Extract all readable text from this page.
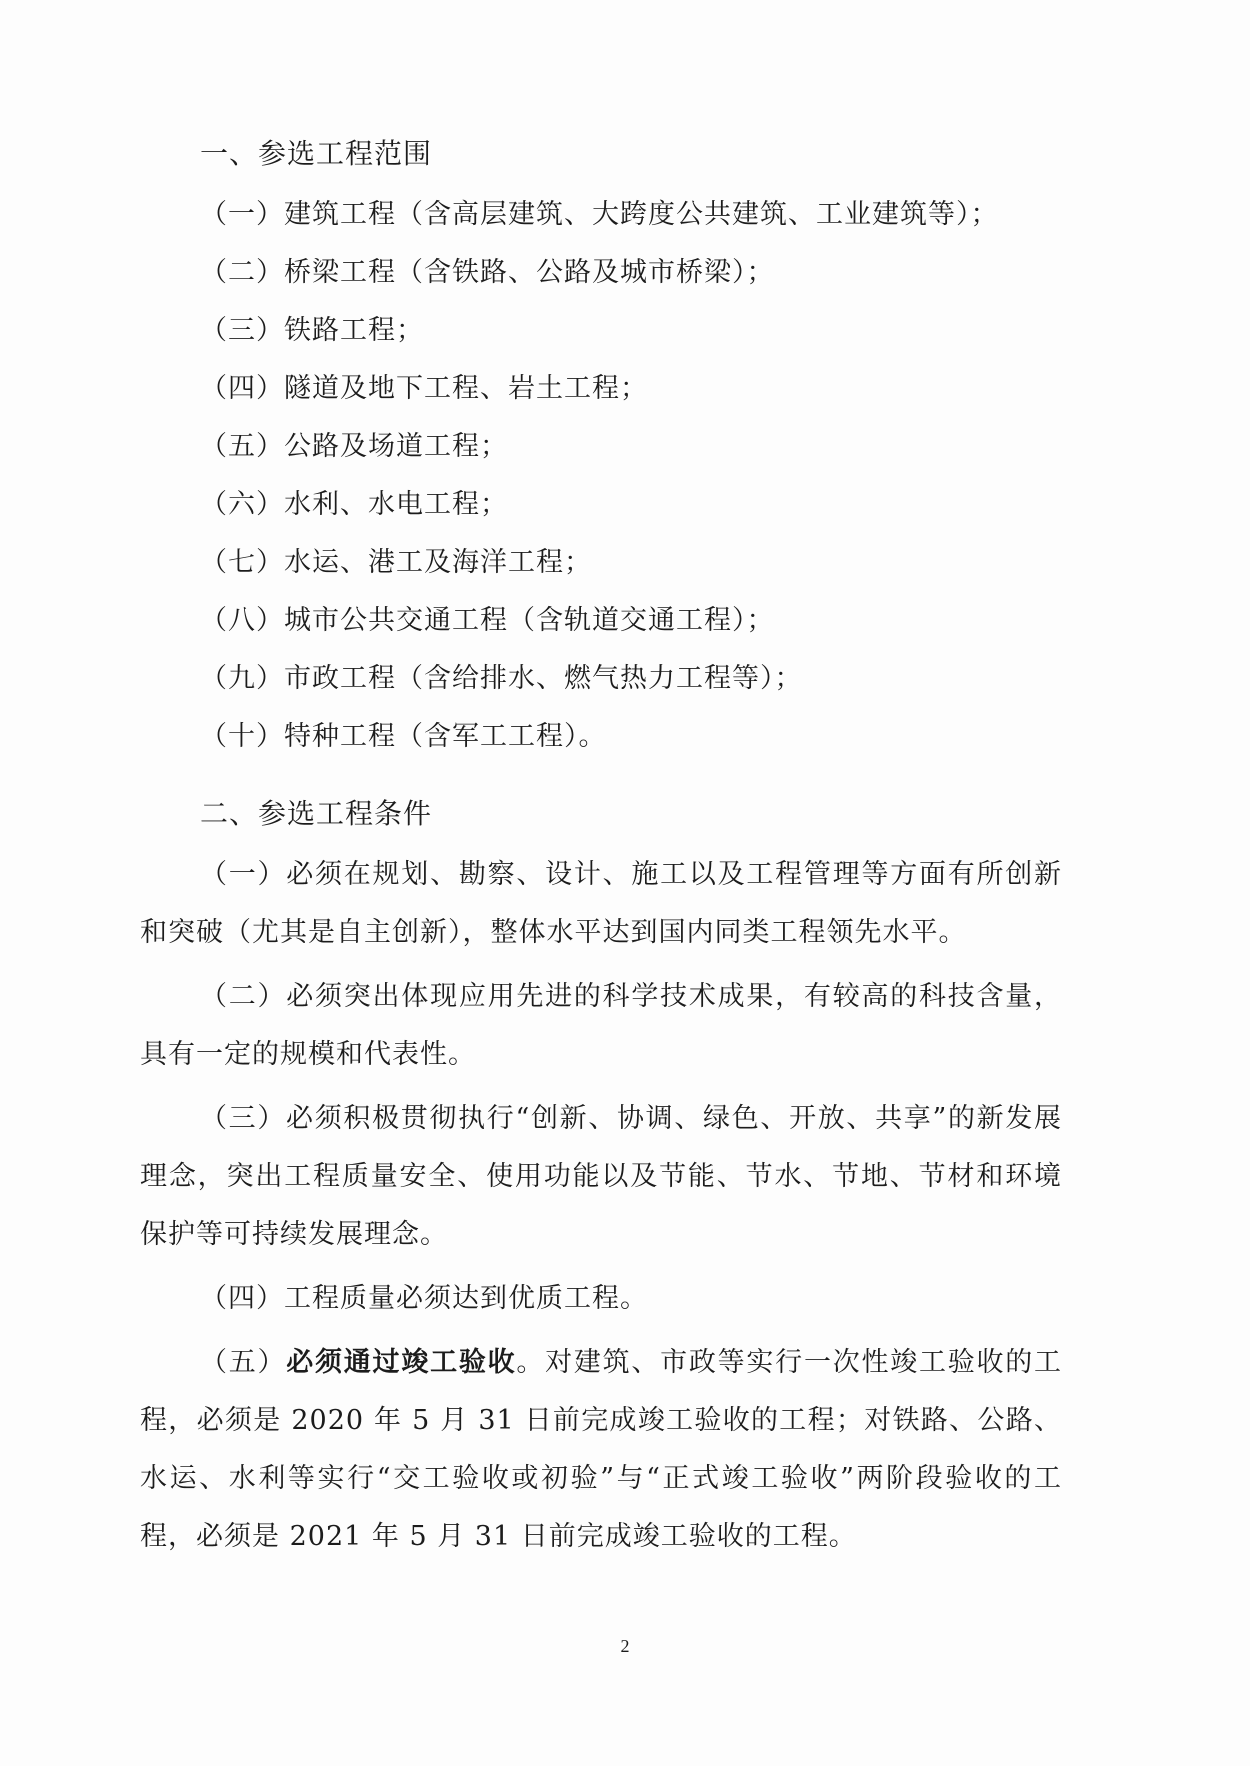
一、参选工程范围

（一）建筑工程（含高层建筑、大跨度公共建筑、工业建筑等）；

（二）桥梁工程（含铁路、公路及城市桥梁）；

（三）铁路工程；

（四）隧道及地下工程、岩土工程；

（五）公路及场道工程；

（六）水利、水电工程；

（七）水运、港工及海洋工程；

（八）城市公共交通工程（含轨道交通工程）；

（九）市政工程（含给排水、燃气热力工程等）；

（十）特种工程（含军工工程）。

二、参选工程条件

（一）必须在规划、勘察、设计、施工以及工程管理等方面有所创新和突破（尤其是自主创新），整体水平达到国内同类工程领先水平。

（二）必须突出体现应用先进的科学技术成果，有较高的科技含量，具有一定的规模和代表性。

（三）必须积极贯彻执行“创新、协调、绿色、开放、共享”的新发展理念，突出工程质量安全、使用功能以及节能、节水、节地、节材和环境保护等可持续发展理念。

（四）工程质量必须达到优质工程。

（五）必须通过竣工验收。对建筑、市政等实行一次性竣工验收的工程，必须是 2020 年 5 月 31 日前完成竣工验收的工程；对铁路、公路、水运、水利等实行“交工验收或初验”与“正式竣工验收”两阶段验收的工程，必须是 2021 年 5 月 31 日前完成竣工验收的工程。

2
